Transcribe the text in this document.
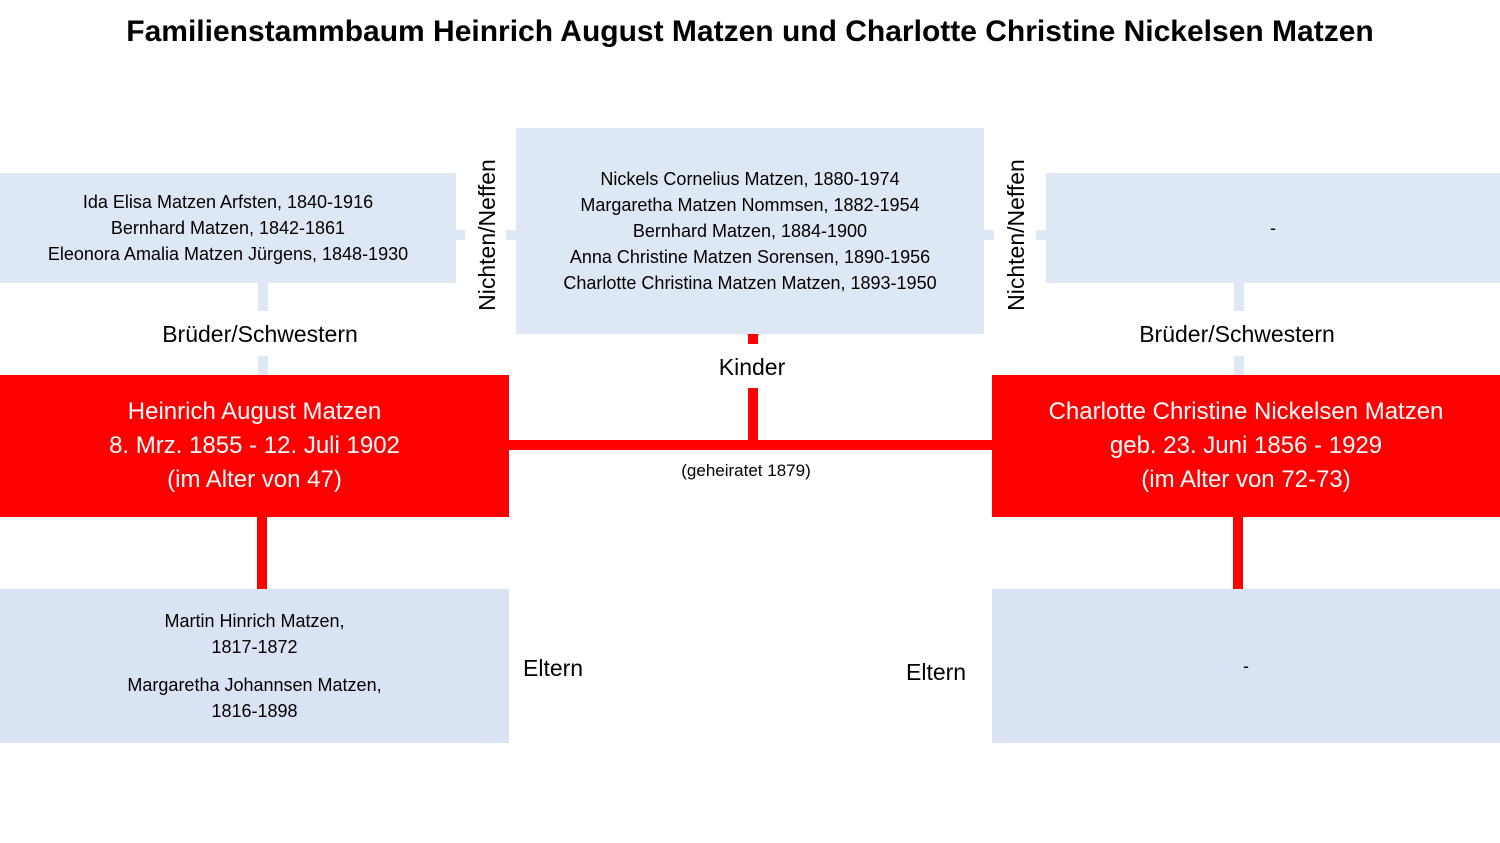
Familienstammbaum Heinrich August Matzen und Charlotte Christine Nickelsen Matzen
Ida Elisa Matzen Arfsten, 1840-1916
Bernhard Matzen, 1842-1861
Eleonora Amalia Matzen Jürgens, 1848-1930	Nichten/Neffen	Nickels Cornelius Matzen, 1880-1974
Margaretha Matzen Nommsen, 1882-1954
Bernhard Matzen, 1884-1900
Anna Christine Matzen Sorensen, 1890-1956
Charlotte Christina Matzen Matzen, 1893-1950	Nichten/Neffen	-
Brüder/Schwestern	Brüder/Schwestern
Kinder
Heinrich August Matzen
8. Mrz. 1855 - 12. Juli 1902
(im Alter von 47)
Charlotte Christine Nickelsen Matzen
geb. 23. Juni 1856 - 1929
(im Alter von 72-73)
(geheiratet 1879)
Martin Hinrich Matzen,
1817-1872
Margaretha Johannsen Matzen,
1816-1898
Eltern	Eltern	-
